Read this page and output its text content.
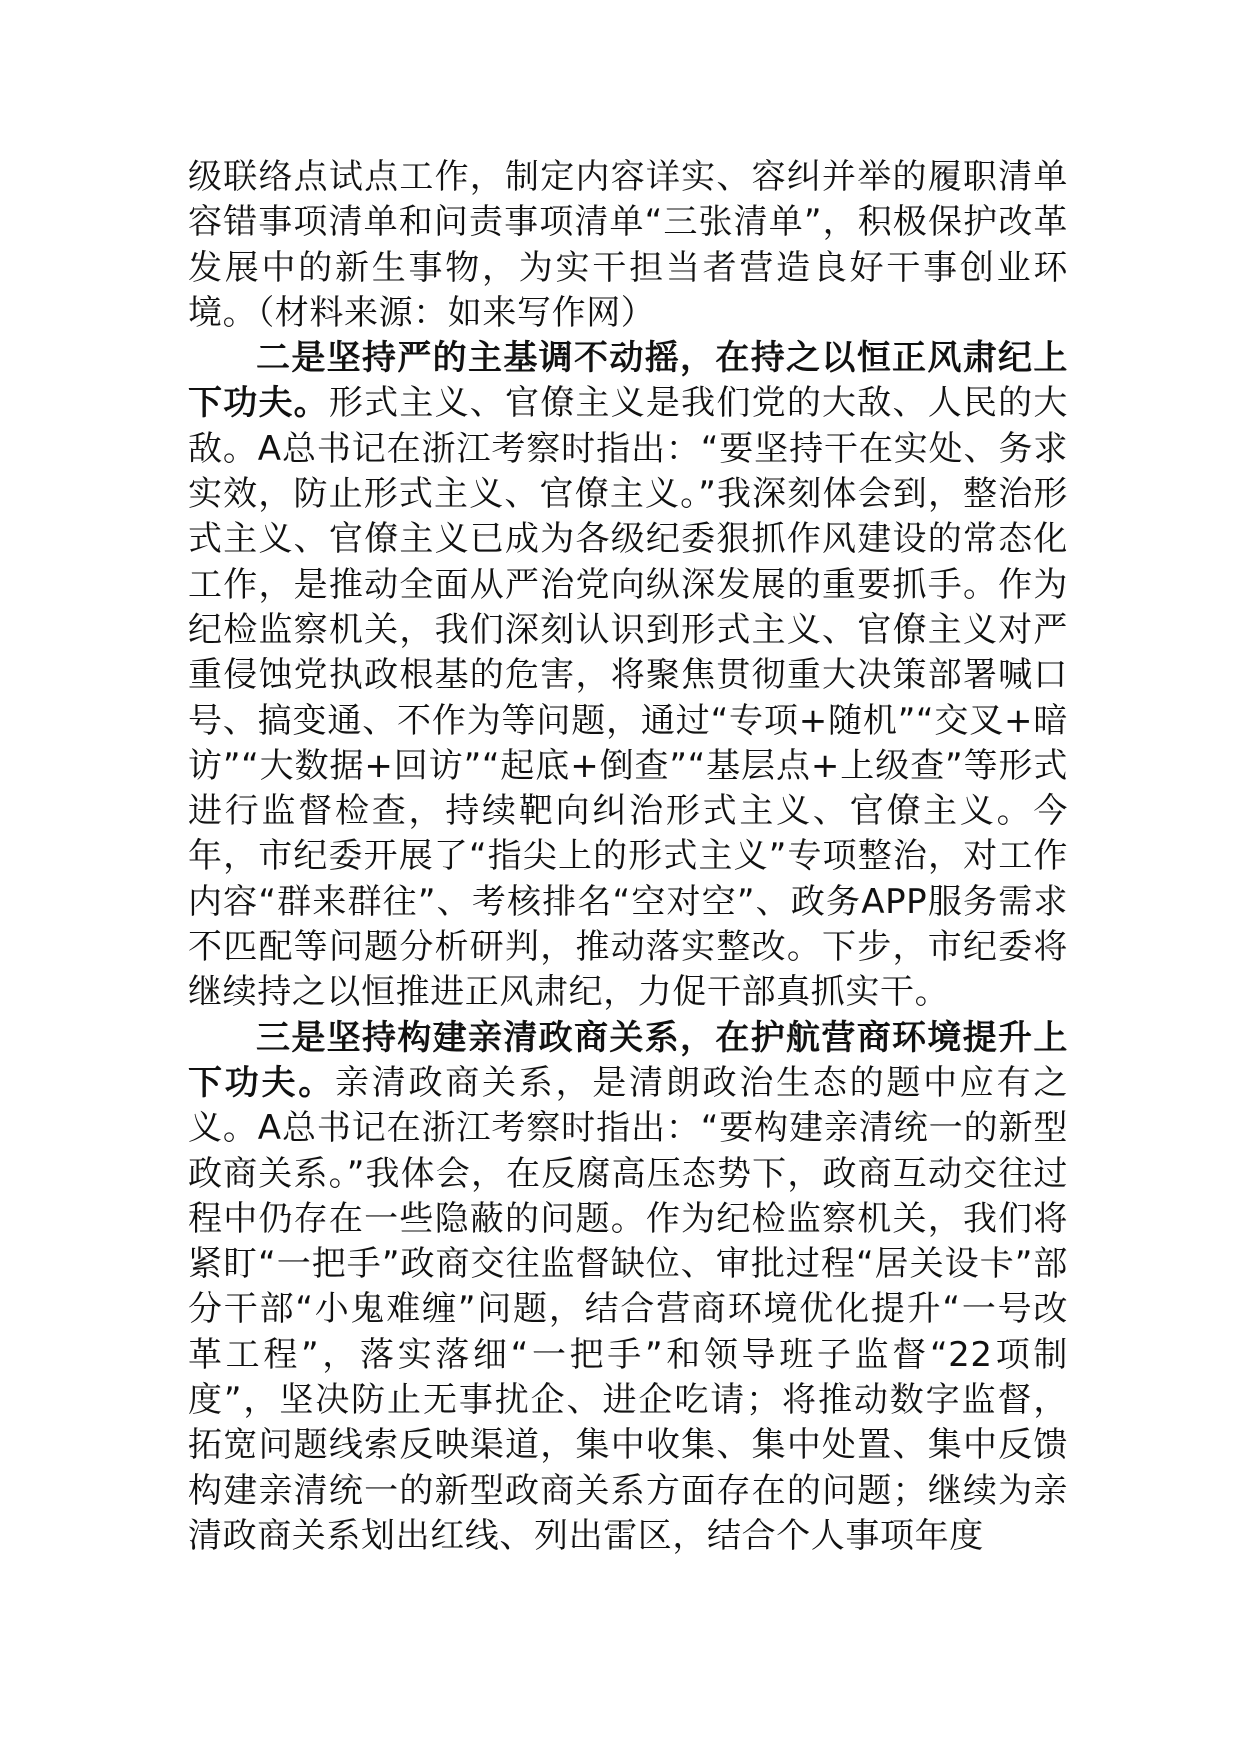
级联络点试点工作，制定内容详实、容纠并举的履职清单容错事项清单和问责事项清单“三张清单”，积极保护改革发展中的新生事物，为实干担当者营造良好干事创业环境。（材料来源：如来写作网）

二是坚持严的主基调不动摇，在持之以恒正风肃纪上下功夫。形式主义、官僚主义是我们党的大敌、人民的大敌。A总书记在浙江考察时指出：“要坚持干在实处、务求实效，防止形式主义、官僚主义。”我深刻体会到，整治形式主义、官僚主义已成为各级纪委狠抓作风建设的常态化工作，是推动全面从严治党向纵深发展的重要抓手。作为纪检监察机关，我们深刻认识到形式主义、官僚主义对严重侵蚀党执政根基的危害，将聚焦贯彻重大决策部署喊口号、搞变通、不作为等问题，通过“专项+随机”“交叉+暗访”“大数据+回访”“起底+倒查”“基层点+上级查”等形式进行监督检查，持续靶向纠治形式主义、官僚主义。今年，市纪委开展了“指尖上的形式主义”专项整治，对工作内容“群来群往”、考核排名“空对空”、政务APP服务需求不匹配等问题分析研判，推动落实整改。下步，市纪委将继续持之以恒推进正风肃纪，力促干部真抓实干。

三是坚持构建亲清政商关系，在护航营商环境提升上下功夫。亲清政商关系，是清朗政治生态的题中应有之义。A总书记在浙江考察时指出：“要构建亲清统一的新型政商关系。”我体会，在反腐高压态势下，政商互动交往过程中仍存在一些隐蔽的问题。作为纪检监察机关，我们将紧盯“一把手”政商交往监督缺位、审批过程“居关设卡”部分干部“小鬼难缠”问题，结合营商环境优化提升“一号改革工程”，落实落细“一把手”和领导班子监督“22项制度”，坚决防止无事扰企、进企吃请；将推动数字监督，拓宽问题线索反映渠道，集中收集、集中处置、集中反馈构建亲清统一的新型政商关系方面存在的问题；继续为亲清政商关系划出红线、列出雷区，结合个人事项年度
